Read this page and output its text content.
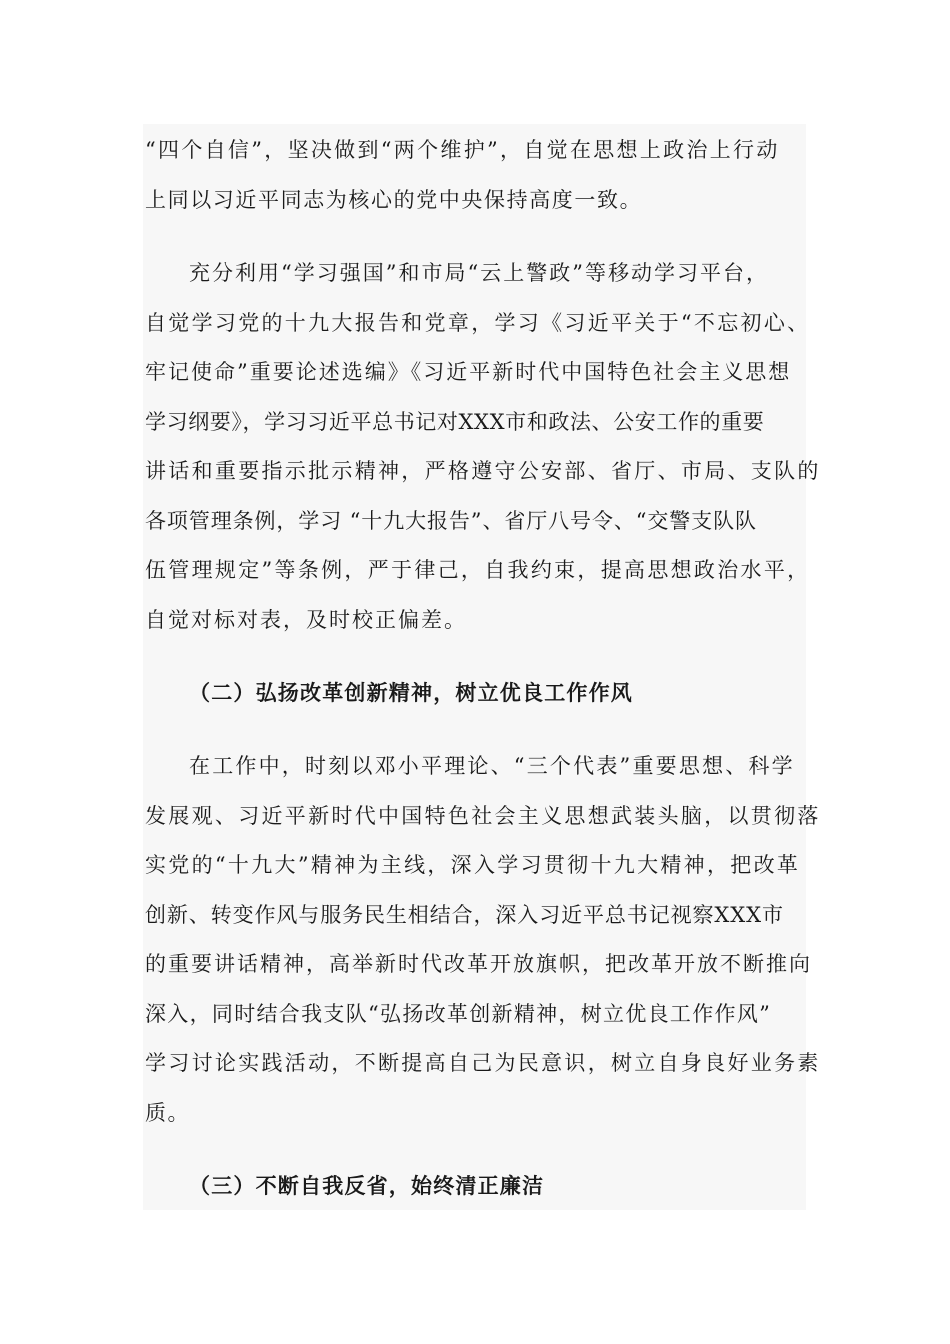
“四个自信”，坚决做到“两个维护”，自觉在思想上政治上行动
上同以习近平同志为核心的党中央保持高度一致。
充分利用“学习强国”和市局“云上警政”等移动学习平台，
自觉学习党的十九大报告和党章，学习《习近平关于“不忘初心、
牢记使命”重要论述选编》《习近平新时代中国特色社会主义思想
学习纲要》，学习习近平总书记对XXX市和政法、公安工作的重要
讲话和重要指示批示精神，严格遵守公安部、省厅、市局、支队的
各项管理条例，学习 “十九大报告”、省厅八号令、“交警支队队
伍管理规定”等条例，严于律己，自我约束，提高思想政治水平，
自觉对标对表，及时校正偏差。
（二）弘扬改革创新精神，树立优良工作作风
在工作中，时刻以邓小平理论、“三个代表”重要思想、科学
发展观、习近平新时代中国特色社会主义思想武装头脑，以贯彻落
实党的“十九大”精神为主线，深入学习贯彻十九大精神，把改革
创新、转变作风与服务民生相结合，深入习近平总书记视察XXX市
的重要讲话精神，高举新时代改革开放旗帜，把改革开放不断推向
深入，同时结合我支队“弘扬改革创新精神，树立优良工作作风”
学习讨论实践活动，不断提高自己为民意识，树立自身良好业务素
质。
（三）不断自我反省，始终清正廉洁
